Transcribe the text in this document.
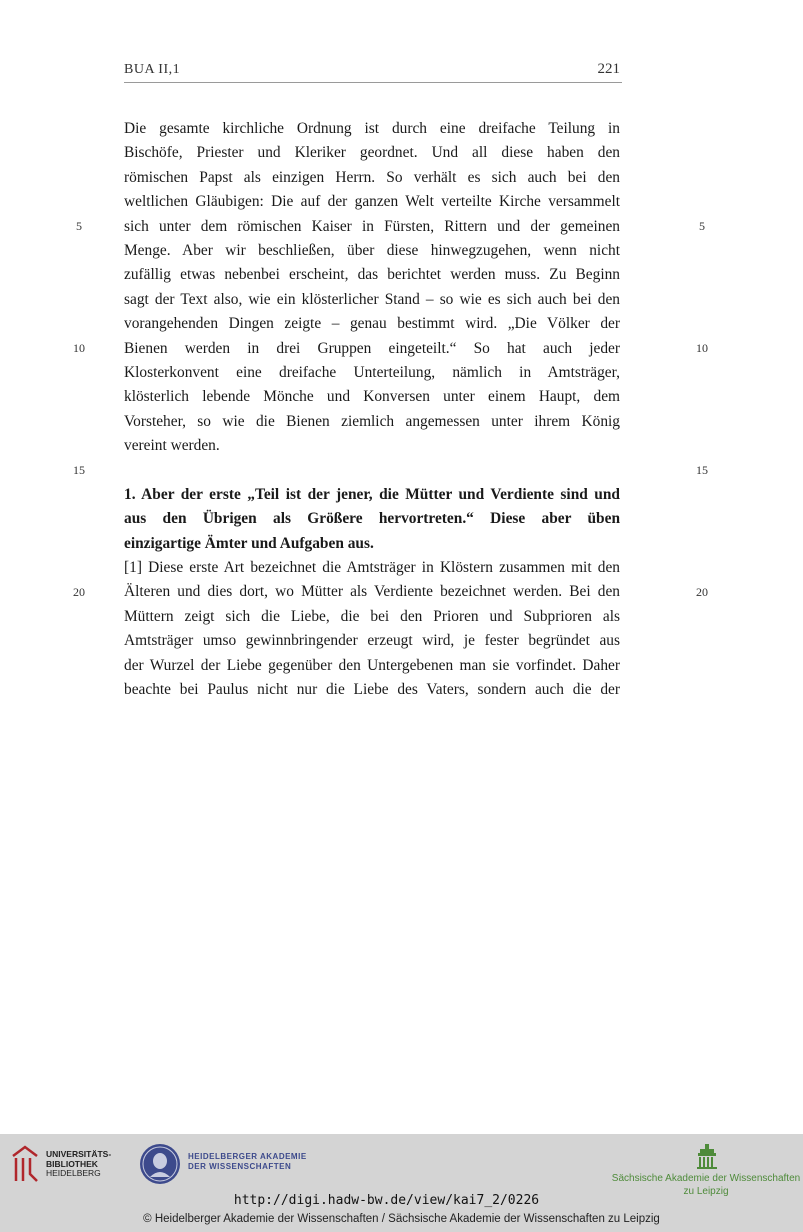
BUA II,1	221
5	5
10	10
15	15
20	20
Die gesamte kirchliche Ordnung ist durch eine dreifache Teilung in
Bischöfe, Priester und Kleriker geordnet. Und all diese haben den
römischen Papst als einzigen Herrn. So verhält es sich auch bei den
weltlichen Gläubigen: Die auf der ganzen Welt verteilte Kirche versammelt
sich unter dem römischen Kaiser in Fürsten, Rittern und der gemeinen
Menge. Aber wir beschließen, über diese hinwegzugehen, wenn nicht
zufällig etwas nebenbei erscheint, das berichtet werden muss. Zu Beginn
sagt der Text also, wie ein klösterlicher Stand – so wie es sich auch bei den
vorangehenden Dingen zeigte – genau bestimmt wird. „Die Völker der
Bienen werden in drei Gruppen eingeteilt.“ So hat auch jeder
Klosterkonvent eine dreifache Unterteilung, nämlich in Amtsträger,
klösterlich lebende Mönche und Konversen unter einem Haupt, dem
Vorsteher, so wie die Bienen ziemlich angemessen unter ihrem König
vereint werden.
1. Aber der erste „Teil ist der jener, die Mütter und Verdiente sind und
aus den Übrigen als Größere hervortreten.“ Diese aber üben
einzigartige Ämter und Aufgaben aus.
[1] Diese erste Art bezeichnet die Amtsträger in Klöstern zusammen mit den
Älteren und dies dort, wo Mütter als Verdiente bezeichnet werden. Bei den
Müttern zeigt sich die Liebe, die bei den Prioren und Subprioren als
Amtsträger umso gewinnbringender erzeugt wird, je fester begründet aus
der Wurzel der Liebe gegenüber den Untergebenen man sie vorfindet. Daher
beachte bei Paulus nicht nur die Liebe des Vaters, sondern auch die der
UNIVERSITÄTS-
BIBLIOTHEK
HEIDELBERG
HEIDELBERGER AKADEMIE
DER WISSENSCHAFTEN
Sächsische Akademie der Wissenschaften
zu Leipzig
http://digi.hadw-bw.de/view/kai7_2/0226
© Heidelberger Akademie der Wissenschaften / Sächsische Akademie der Wissenschaften zu Leipzig
